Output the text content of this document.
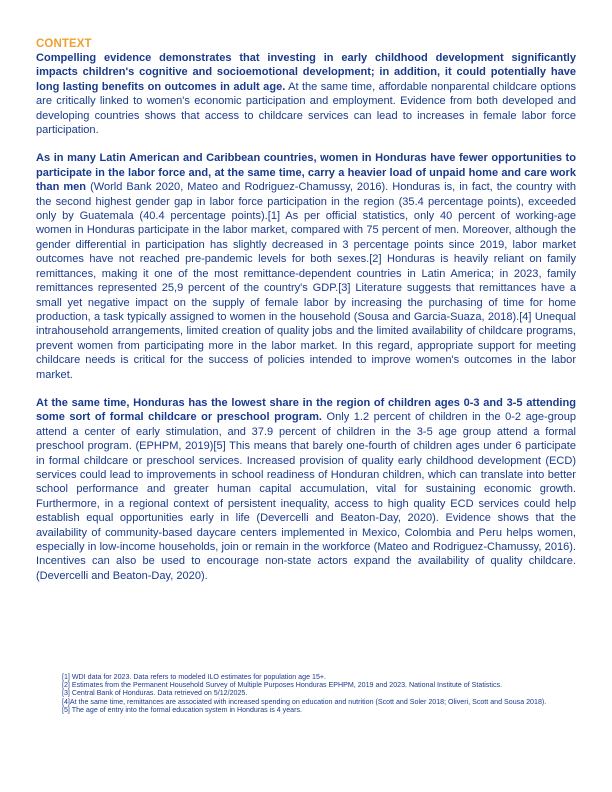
CONTEXT

Compelling evidence demonstrates that investing in early childhood development significantly impacts children's cognitive and socioemotional development; in addition, it could potentially have long lasting benefits on outcomes in adult age. At the same time, affordable nonparental childcare options are critically linked to women's economic participation and employment. Evidence from both developed and developing countries shows that access to childcare services can lead to increases in female labor force participation.

As in many Latin American and Caribbean countries, women in Honduras have fewer opportunities to participate in the labor force and, at the same time, carry a heavier load of unpaid home and care work than men (World Bank 2020, Mateo and Rodriguez-Chamussy, 2016). Honduras is, in fact, the country with the second highest gender gap in labor force participation in the region (35.4 percentage points), exceeded only by Guatemala (40.4 percentage points).[1] As per official statistics, only 40 percent of working-age women in Honduras participate in the labor market, compared with 75 percent of men. Moreover, although the gender differential in participation has slightly decreased in 3 percentage points since 2019, labor market outcomes have not reached pre-pandemic levels for both sexes.[2] Honduras is heavily reliant on family remittances, making it one of the most remittance-dependent countries in Latin America; in 2023, family remittances represented 25,9 percent of the country's GDP.[3] Literature suggests that remittances have a small yet negative impact on the supply of female labor by increasing the purchasing of time for home production, a task typically assigned to women in the household (Sousa and Garcia-Suaza, 2018).[4] Unequal intrahousehold arrangements, limited creation of quality jobs and the limited availability of childcare programs, prevent women from participating more in the labor market. In this regard, appropriate support for meeting childcare needs is critical for the success of policies intended to improve women's outcomes in the labor market.

At the same time, Honduras has the lowest share in the region of children ages 0-3 and 3-5 attending some sort of formal childcare or preschool program. Only 1.2 percent of children in the 0-2 age-group attend a center of early stimulation, and 37.9 percent of children in the 3-5 age group attend a formal preschool program. (EPHPM, 2019)[5] This means that barely one-fourth of children ages under 6 participate in formal childcare or preschool services. Increased provision of quality early childhood development (ECD) services could lead to improvements in school readiness of Honduran children, which can translate into better school performance and greater human capital accumulation, vital for sustaining economic growth. Furthermore, in a regional context of persistent inequality, access to high quality ECD services could help establish equal opportunities early in life (Devercelli and Beaton-Day, 2020). Evidence shows that the availability of community-based daycare centers implemented in Mexico, Colombia and Peru helps women, especially in low-income households, join or remain in the workforce (Mateo and Rodriguez-Chamussy, 2016). Incentives can also be used to encourage non-state actors expand the availability of quality childcare. (Devercelli and Beaton-Day, 2020).

[1] WDI data for 2023. Data refers to modeled ILO estimates for population age 15+.

[2] Estimates from the Permanent Household Survey of Multiple Purposes Honduras EPHPM, 2019 and 2023. National Institute of Statistics.

[3] Central Bank of Honduras. Data retrieved on 5/12/2025.

[4]At the same time, remittances are associated with increased spending on education and nutrition (Scott and Soler 2018; Oliveri, Scott and Sousa 2018).

[5] The age of entry into the formal education system in Honduras is 4 years.
